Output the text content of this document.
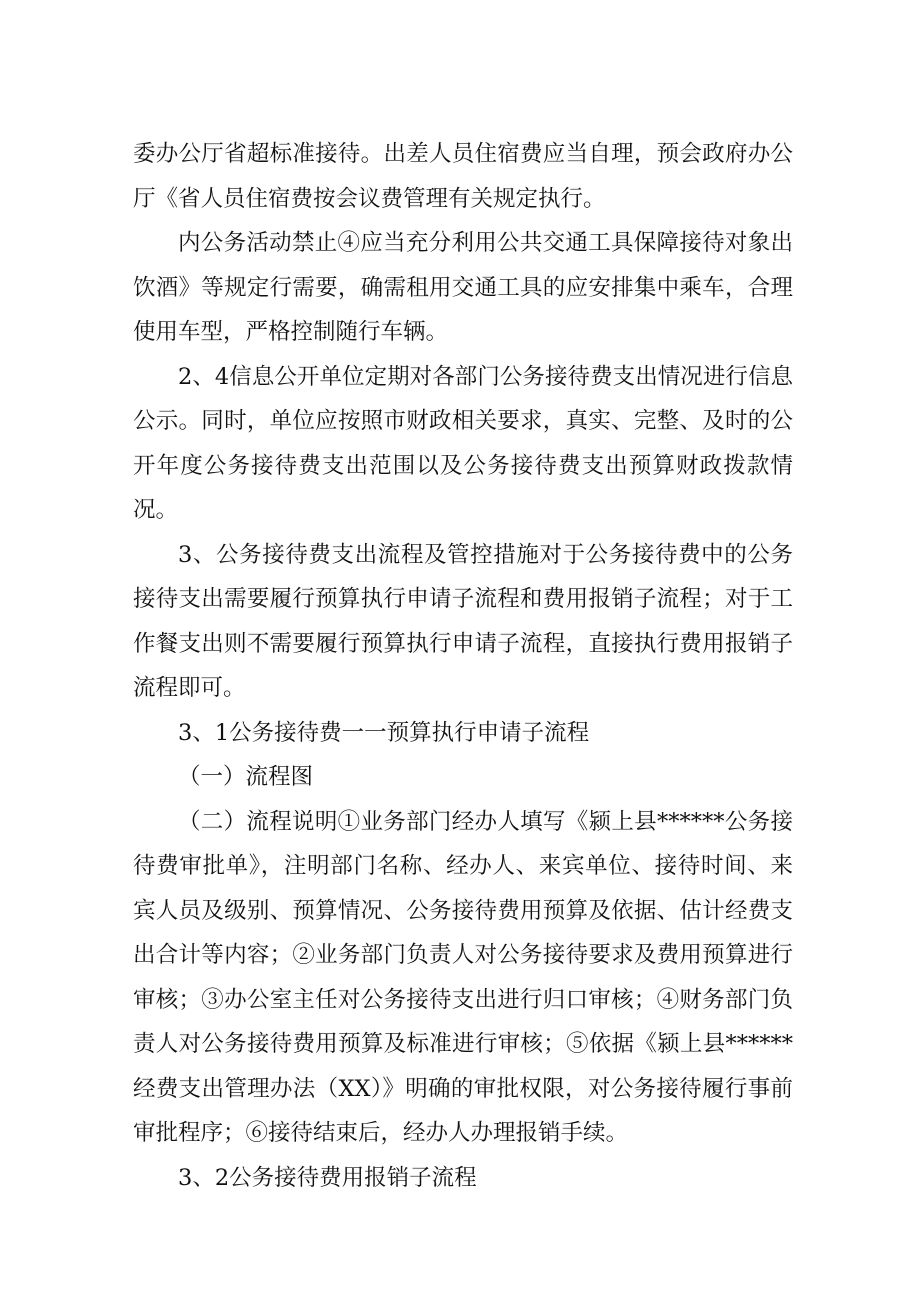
委办公厅省超标准接待。出差人员住宿费应当自理，预会政府办公厅《省人员住宿费按会议费管理有关规定执行。

内公务活动禁止④应当充分利用公共交通工具保障接待对象出饮酒》等规定行需要，确需租用交通工具的应安排集中乘车，合理使用车型，严格控制随行车辆。

2、4信息公开单位定期对各部门公务接待费支出情况进行信息公示。同时，单位应按照市财政相关要求，真实、完整、及时的公开年度公务接待费支出范围以及公务接待费支出预算财政拨款情况。

3、公务接待费支出流程及管控措施对于公务接待费中的公务接待支出需要履行预算执行申请子流程和费用报销子流程；对于工作餐支出则不需要履行预算执行申请子流程，直接执行费用报销子流程即可。

3、1公务接待费一一预算执行申请子流程

（一）流程图

（二）流程说明①业务部门经办人填写《颍上县******公务接待费审批单》，注明部门名称、经办人、来宾单位、接待时间、来宾人员及级别、预算情况、公务接待费用预算及依据、估计经费支出合计等内容；②业务部门负责人对公务接待要求及费用预算进行审核；③办公室主任对公务接待支出进行归口审核；④财务部门负责人对公务接待费用预算及标准进行审核；⑤依据《颍上县******经费支出管理办法（XX）》明确的审批权限，对公务接待履行事前审批程序；⑥接待结束后，经办人办理报销手续。

3、2公务接待费用报销子流程
